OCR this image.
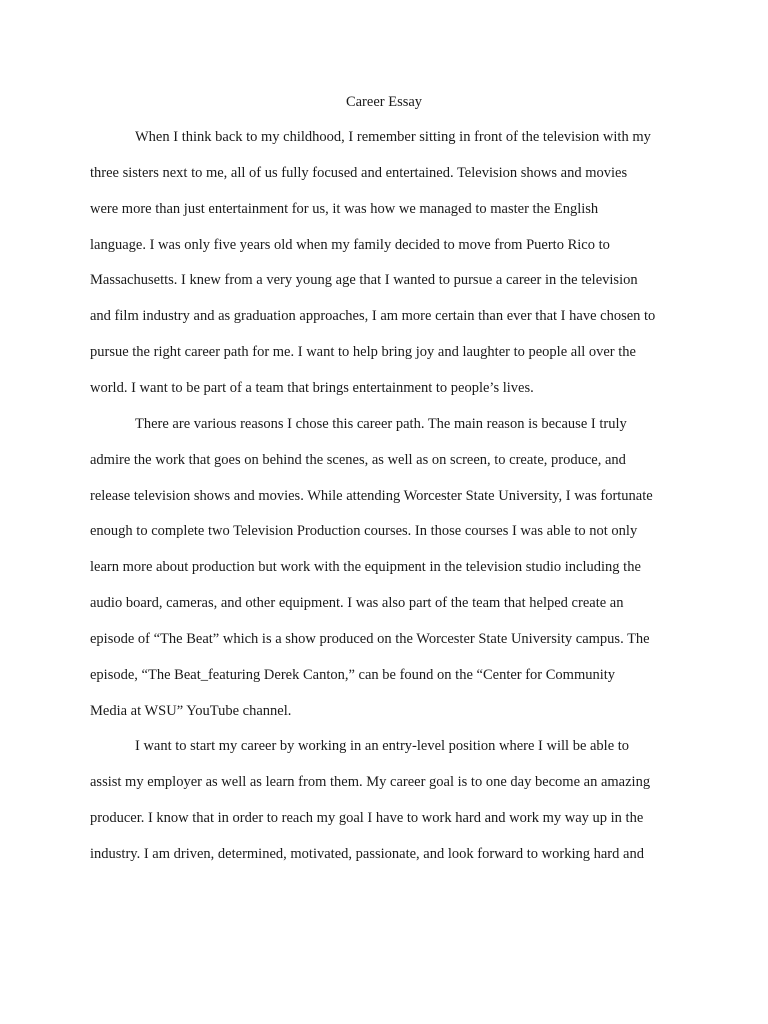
Career Essay
When I think back to my childhood, I remember sitting in front of the television with my
three sisters next to me, all of us fully focused and entertained. Television shows and movies
were more than just entertainment for us, it was how we managed to master the English
language. I was only five years old when my family decided to move from Puerto Rico to
Massachusetts. I knew from a very young age that I wanted to pursue a career in the television
and film industry and as graduation approaches, I am more certain than ever that I have chosen to
pursue the right career path for me. I want to help bring joy and laughter to people all over the
world. I want to be part of a team that brings entertainment to people’s lives.
There are various reasons I chose this career path. The main reason is because I truly
admire the work that goes on behind the scenes, as well as on screen, to create, produce, and
release television shows and movies. While attending Worcester State University, I was fortunate
enough to complete two Television Production courses. In those courses I was able to not only
learn more about production but work with the equipment in the television studio including the
audio board, cameras, and other equipment. I was also part of the team that helped create an
episode of “The Beat” which is a show produced on the Worcester State University campus. The
episode, “The Beat_featuring Derek Canton,” can be found on the “Center for Community
Media at WSU” YouTube channel.
I want to start my career by working in an entry-level position where I will be able to
assist my employer as well as learn from them. My career goal is to one day become an amazing
producer. I know that in order to reach my goal I have to work hard and work my way up in the
industry. I am driven, determined, motivated, passionate, and look forward to working hard and
